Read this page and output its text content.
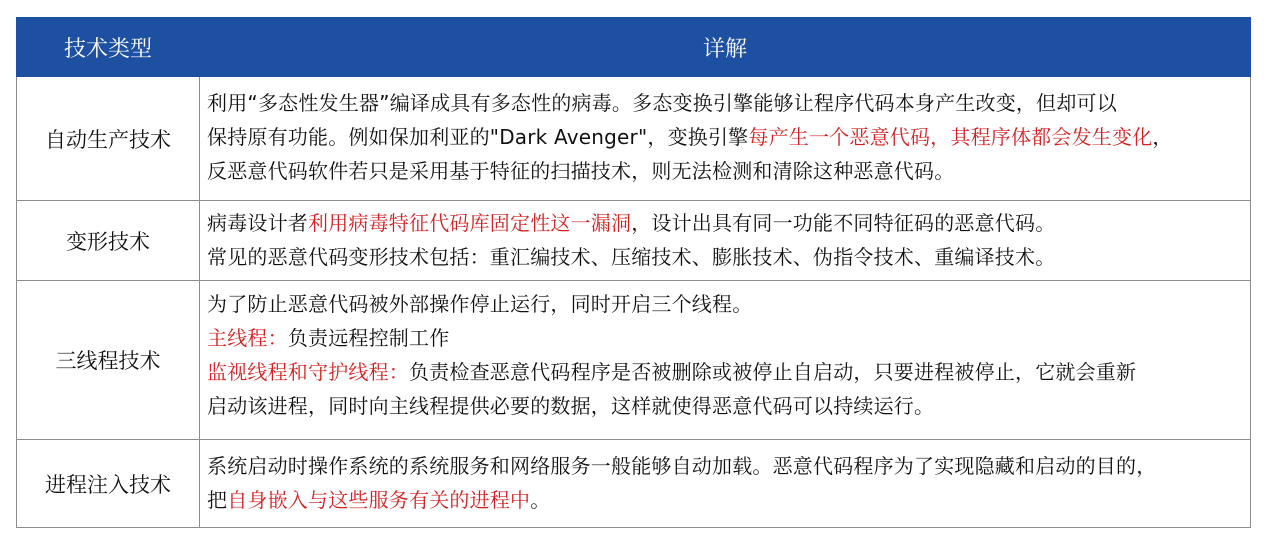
技术类型	详解
自动生产技术	利用“多态性发生器”编译成具有多态性的病毒。多态变换引擎能够让程序代码本身产生改变，但却可以
保持原有功能。例如保加利亚的"Dark Avenger"，变换引擎每产生一个恶意代码，其程序体都会发生变化，
反恶意代码软件若只是采用基于特征的扫描技术，则无法检测和清除这种恶意代码。

变形技术	病毒设计者利用病毒特征代码库固定性这一漏洞，设计出具有同一功能不同特征码的恶意代码。
常见的恶意代码变形技术包括：重汇编技术、压缩技术、膨胀技术、伪指令技术、重编译技术。

三线程技术	为了防止恶意代码被外部操作停止运行，同时开启三个线程。
主线程：负责远程控制工作
监视线程和守护线程：负责检查恶意代码程序是否被删除或被停止自启动，只要进程被停止，它就会重新
启动该进程，同时向主线程提供必要的数据，这样就使得恶意代码可以持续运行。

进程注入技术	系统启动时操作系统的系统服务和网络服务一般能够自动加载。恶意代码程序为了实现隐藏和启动的目的，
把自身嵌入与这些服务有关的进程中。
